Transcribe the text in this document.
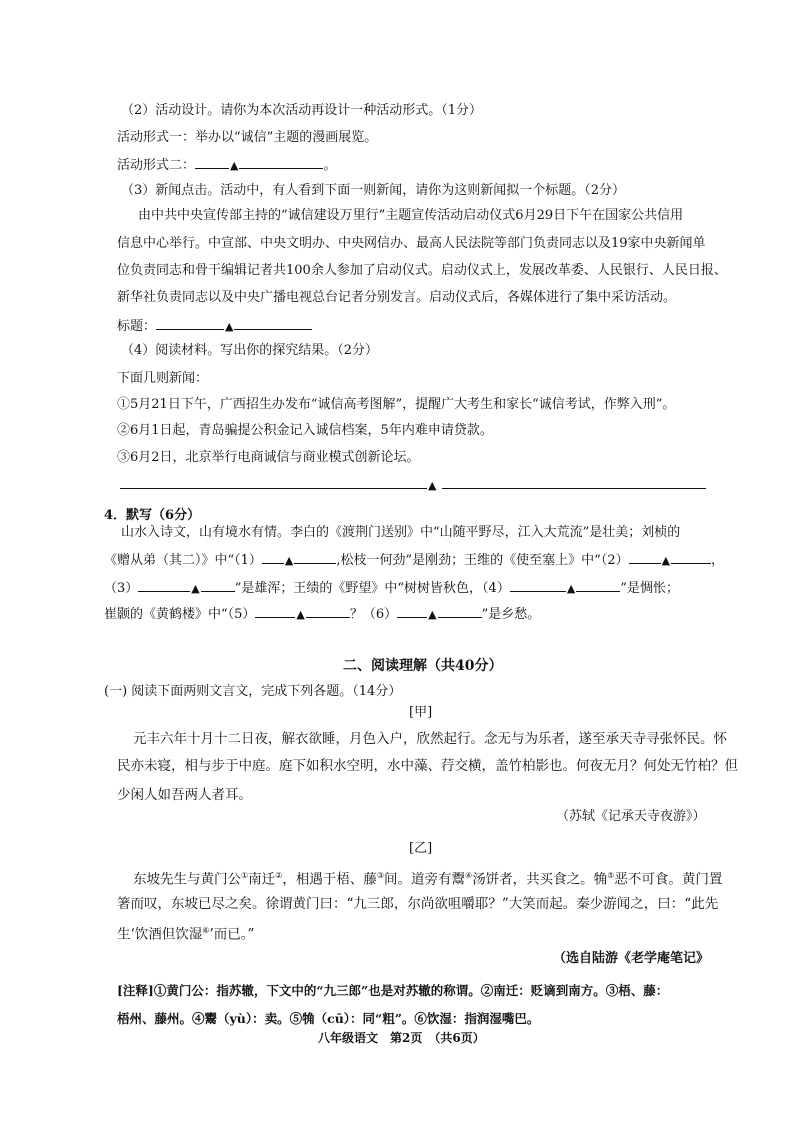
（2）活动设计。请你为本次活动再设计一种活动形式。（1分）
活动形式一：举办以“诚信”主题的漫画展览。
活动形式二：	▲	。
（3）新闻点击。活动中，有人看到下面一则新闻，请你为这则新闻拟一个标题。（2分）
由中共中央宣传部主持的“诚信建设万里行”主题宣传活动启动仪式6月29日下午在国家公共信用
信息中心举行。中宣部、中央文明办、中央网信办、最高人民法院等部门负责同志以及19家中央新闻单
位负责同志和骨干编辑记者共100余人参加了启动仪式。启动仪式上，发展改革委、人民银行、人民日报、
新华社负责同志以及中央广播电视总台记者分别发言。启动仪式后，各媒体进行了集中采访活动。
标题：	▲
（4）阅读材料。写出你的探究结果。（2分）
下面几则新闻：
①5月21日下午，广西招生办发布“诚信高考图解”，提醒广大考生和家长“诚信考试，作弊入刑”。
②6月1日起，青岛骗提公积金记入诚信档案，5年内难申请贷款。
③6月2日，北京举行电商诚信与商业模式创新论坛。
▲
4．默写（6分）
山水入诗文，山有境水有情。李白的《渡荆门送别》中“山随平野尽，江入大荒流”是壮美；刘桢的
《赠从弟（其二）》中“（1） ▲	,松枝一何劲”是刚劲；王维的《使至塞上》中“（2）	▲	，
（3）	▲	”是雄浑；王绩的《野望》中“树树皆秋色，（4）	▲	”是惆怅；
崔颢的《黄鹤楼》中“（5）	▲	？（6）	▲	”是乡愁。
二、阅读理解（共40分）
(一) 阅读下面两则文言文，完成下列各题。（14分）
[甲]
元丰六年十月十二日夜，解衣欲睡，月色入户，欣然起行。念无与为乐者，遂至承天寺寻张怀民。怀
民亦未寝，相与步于中庭。庭下如积水空明，水中藻、荇交横，盖竹柏影也。何夜无月？何处无竹柏？但
少闲人如吾两人者耳。
（苏轼《记承天寺夜游》）
[乙]
东坡先生与黄门公①南迁②，相遇于梧、藤③间。道旁有鬻④汤饼者，共买食之。觕⑤恶不可食。黄门置
箸而叹，东坡已尽之矣。徐谓黄门曰：“九三郎，尔尚欲咀嚼耶？”大笑而起。秦少游闻之，曰：“此先
生‘饮酒但饮湿⑥’而已。”
（选自陆游《老学庵笔记》
[注释]①黄门公：指苏辙，下文中的“九三郎”也是对苏辙的称谓。②南迁：贬谪到南方。③梧、藤：
梧州、藤州。④鬻（yù）：卖。⑤觕（cū）：同“粗”。⑥饮湿：指润湿嘴巴。
八年级语文　第2页　（共6页）
